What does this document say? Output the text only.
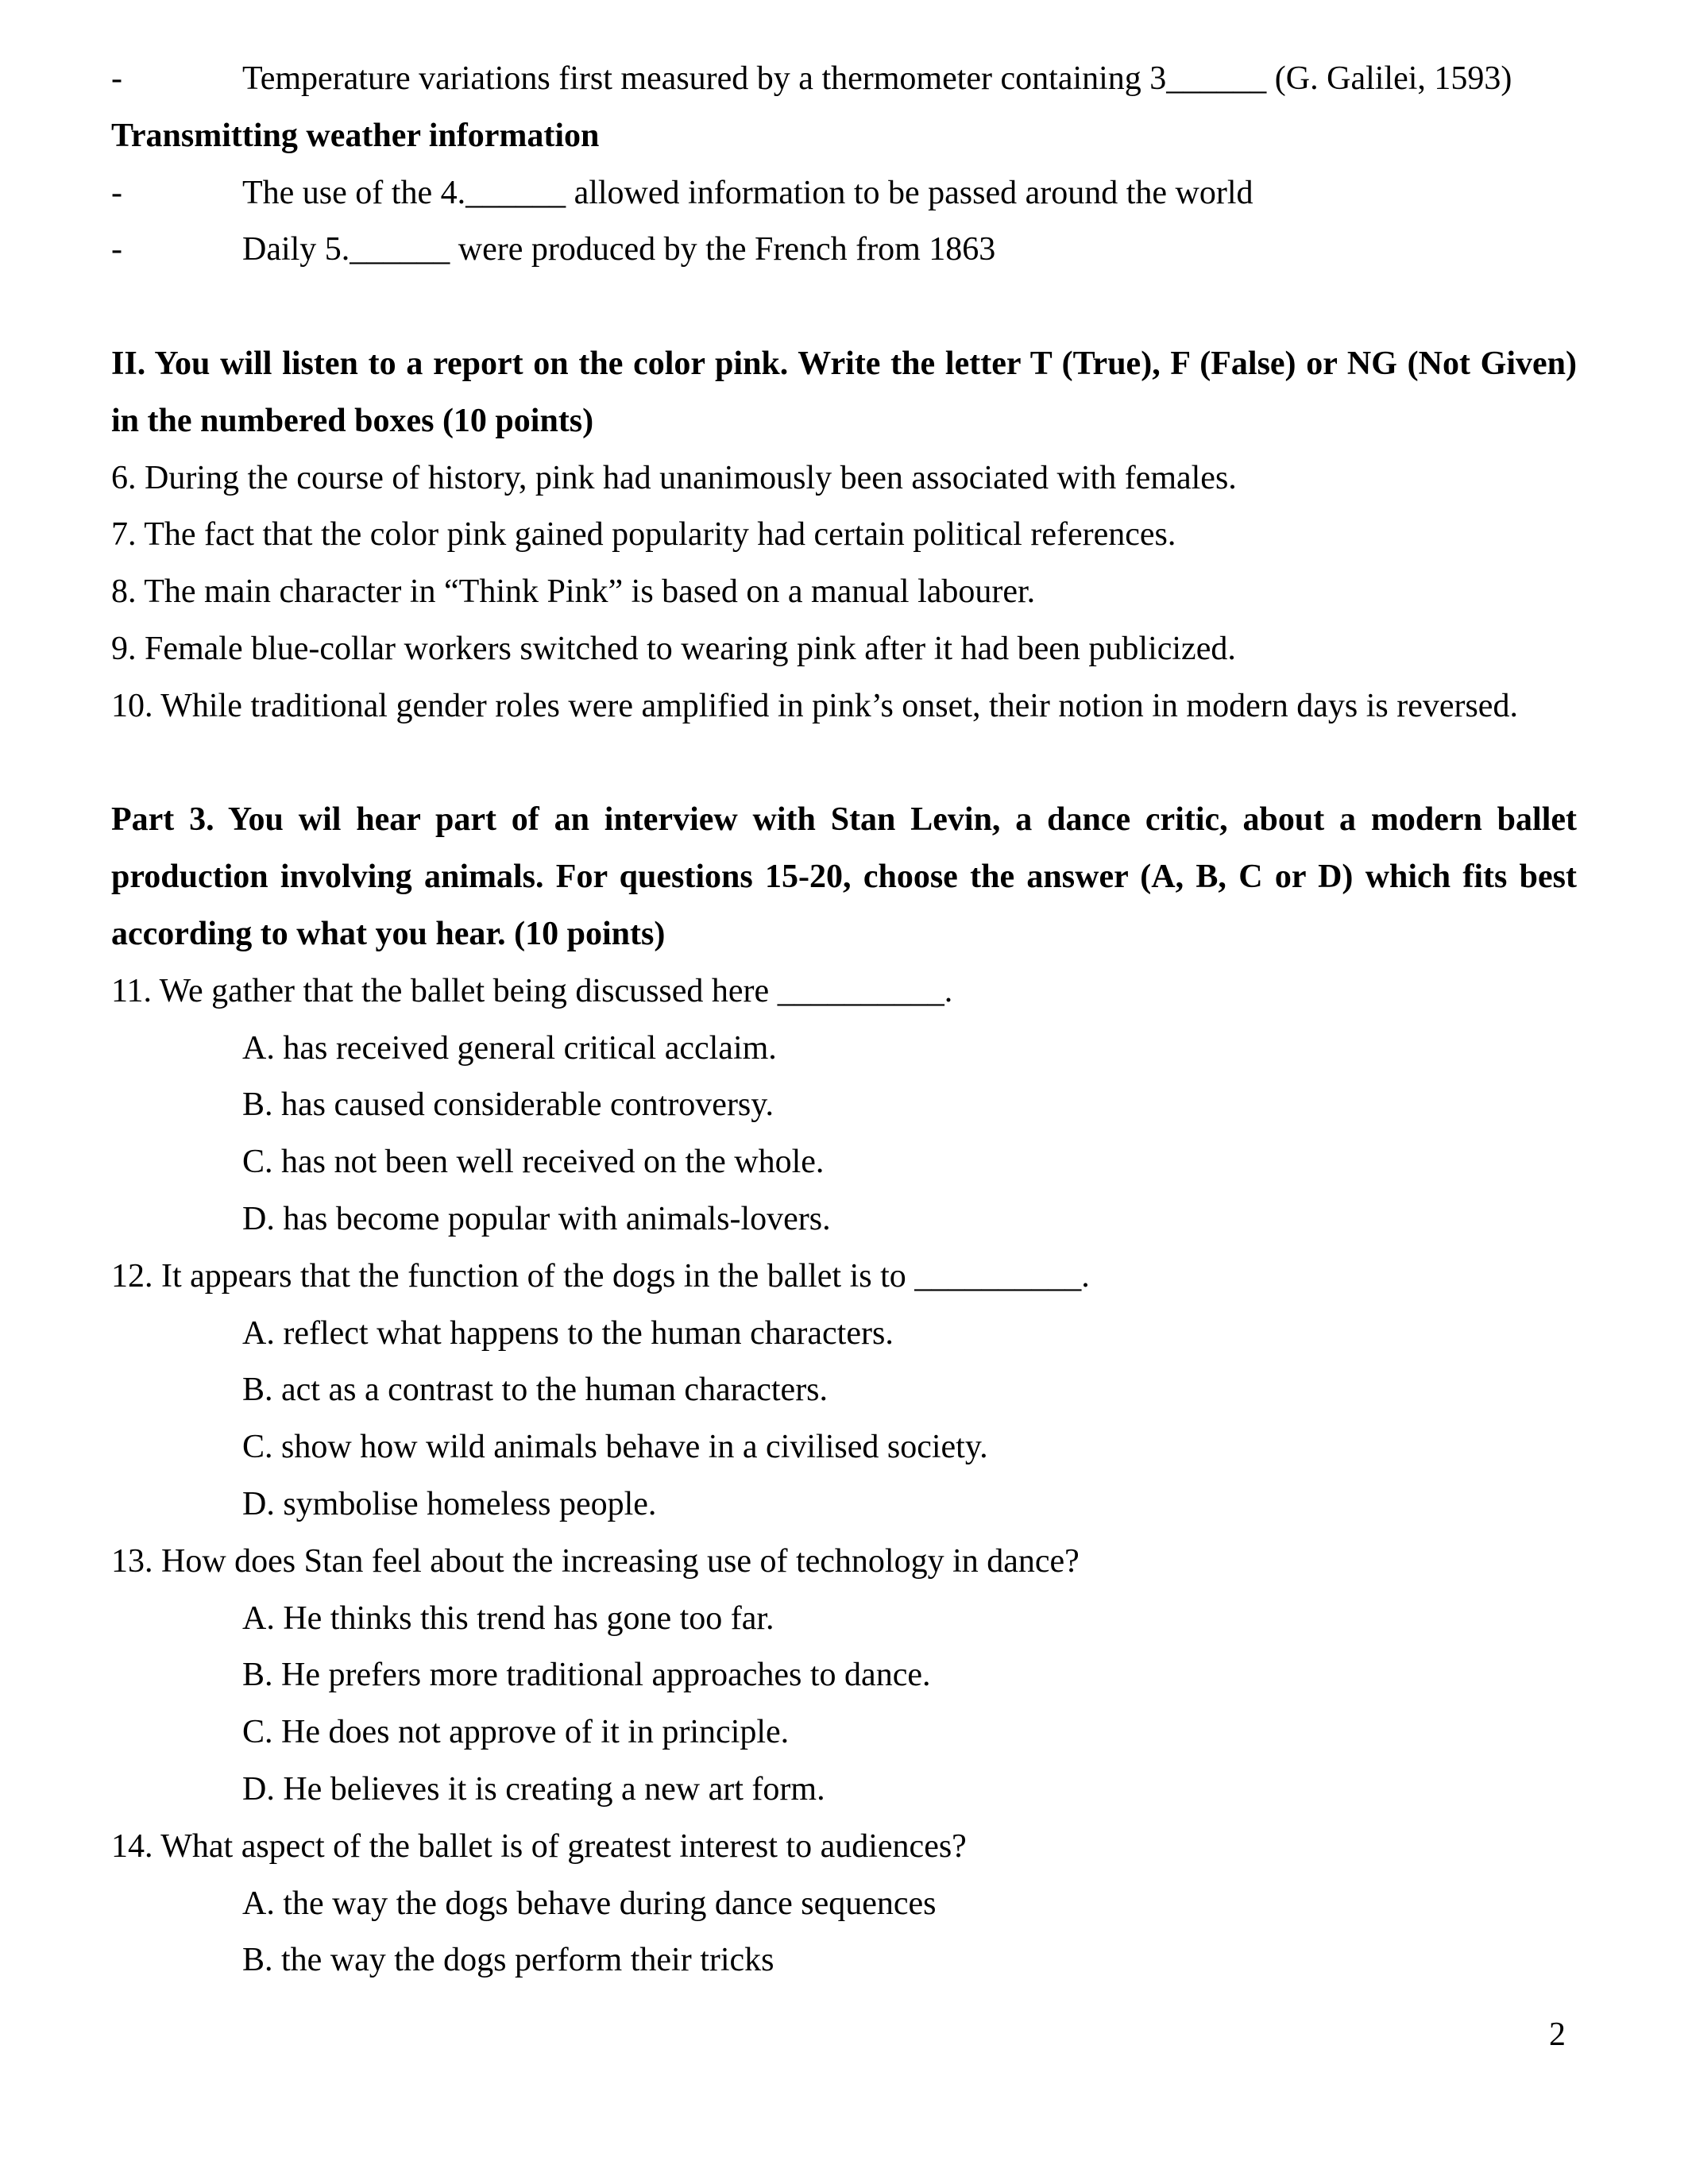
-	Temperature variations first measured by a thermometer containing 3______ (G. Galilei, 1593)
Transmitting weather information
-	The use of the 4.______ allowed information to be passed around the world
-	Daily 5.______ were produced by the French from 1863
II. You will listen to a report on the color pink. Write the letter T (True), F (False) or NG (Not Given)
in the numbered boxes (10 points)
6. During the course of history, pink had unanimously been associated with females.
7. The fact that the color pink gained popularity had certain political references.
8. The main character in “Think Pink” is based on a manual labourer.
9. Female blue-collar workers switched to wearing pink after it had been publicized.
10. While traditional gender roles were amplified in pink’s onset, their notion in modern days is reversed.
Part 3. You wil hear part of an interview with Stan Levin, a dance critic, about a modern ballet
production involving animals. For questions 15-20, choose the answer (A, B, C or D) which fits best
according to what you hear. (10 points)
11. We gather that the ballet being discussed here __________.
A. has received general critical acclaim.
B. has caused considerable controversy.
C. has not been well received on the whole.
D. has become popular with animals-lovers.
12. It appears that the function of the dogs in the ballet is to __________.
A. reflect what happens to the human characters.
B. act as a contrast to the human characters.
C. show how wild animals behave in a civilised society.
D. symbolise homeless people.
13. How does Stan feel about the increasing use of technology in dance?
A. He thinks this trend has gone too far.
B. He prefers more traditional approaches to dance.
C. He does not approve of it in principle.
D. He believes it is creating a new art form.
14. What aspect of the ballet is of greatest interest to audiences?
A. the way the dogs behave during dance sequences
B. the way the dogs perform their tricks
2
